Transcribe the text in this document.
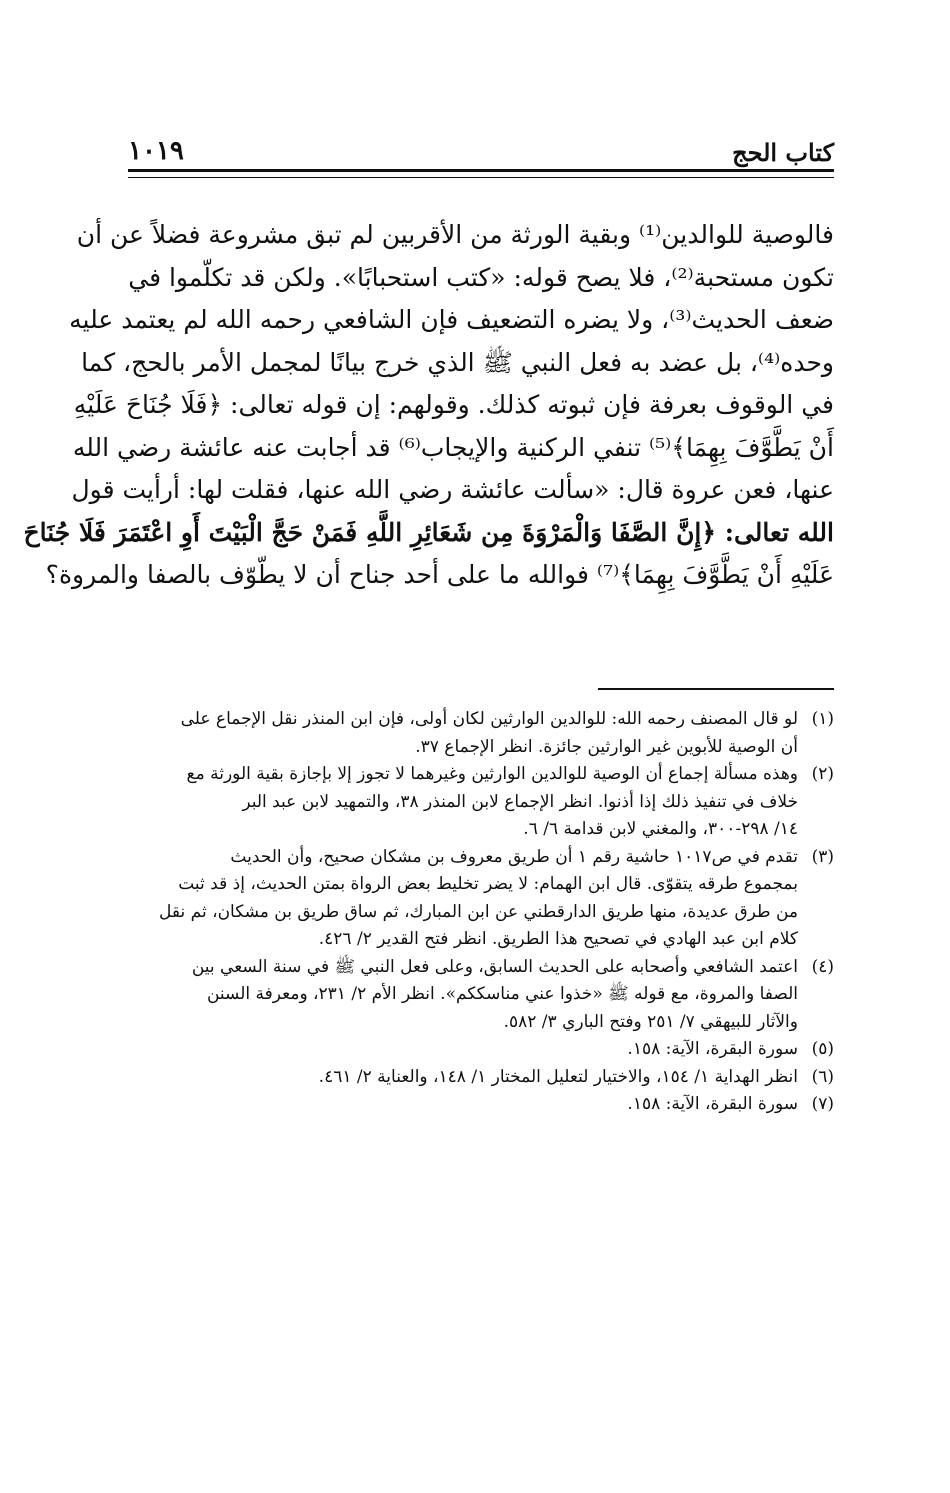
كتاب الحج
١٠١٩
فالوصية للوالدين⁽¹⁾ وبقية الورثة من الأقربين لم تبق مشروعة فضلاً عن أن
تكون مستحبة⁽²⁾، فلا يصح قوله: «كتب استحبابًا». ولكن قد تكلّموا في
ضعف الحديث⁽³⁾، ولا يضره التضعيف فإن الشافعي رحمه الله لم يعتمد عليه
وحده⁽⁴⁾، بل عضد به فعل النبي ﷺ الذي خرج بيانًا لمجمل الأمر بالحج، كما
في الوقوف بعرفة فإن ثبوته كذلك. وقولهم: إن قوله تعالى: ﴿فَلَا جُنَاحَ عَلَيْهِ
أَنْ يَطَّوَّفَ بِهِمَا﴾⁽⁵⁾ تنفي الركنية والإيجاب⁽⁶⁾ قد أجابت عنه عائشة رضي الله
عنها، فعن عروة قال: «سألت عائشة رضي الله عنها، فقلت لها: أرأيت قول
الله تعالى: ﴿إِنَّ الصَّفَا وَالْمَرْوَةَ مِن شَعَائِرِ اللَّهِ فَمَنْ حَجَّ الْبَيْتَ أَوِ اعْتَمَرَ فَلَا جُنَاحَ
عَلَيْهِ أَنْ يَطَّوَّفَ بِهِمَا﴾⁽⁷⁾ فوالله ما على أحد جناح أن لا يطّوّف بالصفا والمروة؟
(١)
لو قال المصنف رحمه الله: للوالدين الوارثين لكان أولى، فإن ابن المنذر نقل الإجماع على
أن الوصية للأبوين غير الوارثين جائزة. انظر الإجماع ٣٧.
(٢)
وهذه مسألة إجماع أن الوصية للوالدين الوارثين وغيرهما لا تجوز إلا بإجازة بقية الورثة مع
خلاف في تنفيذ ذلك إذا أذنوا. انظر الإجماع لابن المنذر ٣٨، والتمهيد لابن عبد البر
١٤/ ٢٩٨-٣٠٠، والمغني لابن قدامة ٦/ ٦.
(٣)
تقدم في ص١٠١٧ حاشية رقم ١ أن طريق معروف بن مشكان صحيح، وأن الحديث
بمجموع طرقه يتقوّى. قال ابن الهمام: لا يضر تخليط بعض الرواة بمتن الحديث، إذ قد ثبت
من طرق عديدة، منها طريق الدارقطني عن ابن المبارك، ثم ساق طريق بن مشكان، ثم نقل
كلام ابن عبد الهادي في تصحيح هذا الطريق. انظر فتح القدير ٢/ ٤٢٦.
(٤)
اعتمد الشافعي وأصحابه على الحديث السابق، وعلى فعل النبي ﷺ في سنة السعي بين
الصفا والمروة، مع قوله ﷺ «خذوا عني مناسككم». انظر الأم ٢/ ٢٣١، ومعرفة السنن
والآثار للبيهقي ٧/ ٢٥١ وفتح الباري ٣/ ٥٨٢.
(٥)
سورة البقرة، الآية: ١٥٨.
(٦)
انظر الهداية ١/ ١٥٤، والاختيار لتعليل المختار ١/ ١٤٨، والعناية ٢/ ٤٦١.
(٧)
سورة البقرة، الآية: ١٥٨.
